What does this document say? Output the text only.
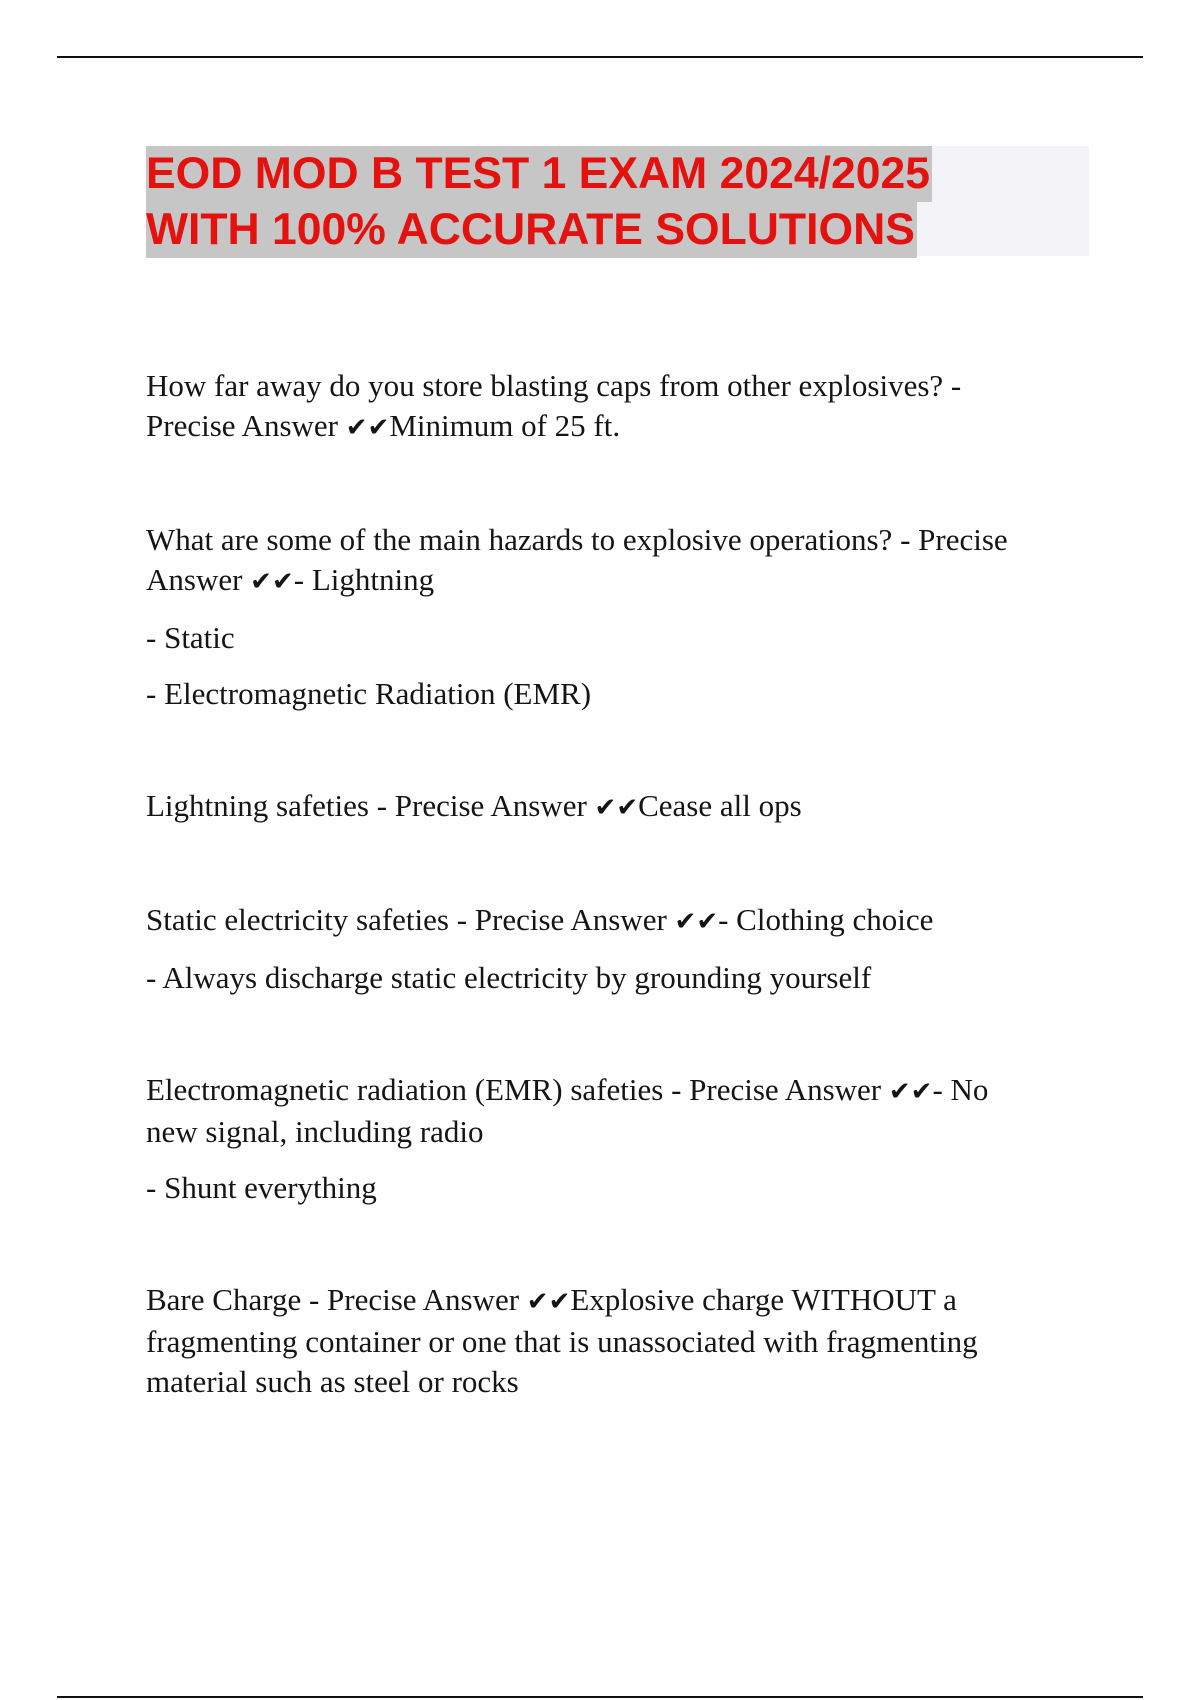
EOD MOD B TEST 1 EXAM 2024/2025
WITH 100% ACCURATE SOLUTIONS

How far away do you store blasting caps from other explosives? -

Precise Answer ✔✔Minimum of 25 ft.

What are some of the main hazards to explosive operations? - Precise

Answer ✔✔- Lightning

- Static

- Electromagnetic Radiation (EMR)

Lightning safeties - Precise Answer ✔✔Cease all ops

Static electricity safeties - Precise Answer ✔✔- Clothing choice

- Always discharge static electricity by grounding yourself

Electromagnetic radiation (EMR) safeties - Precise Answer ✔✔- No

new signal, including radio

- Shunt everything

Bare Charge - Precise Answer ✔✔Explosive charge WITHOUT a

fragmenting container or one that is unassociated with fragmenting

material such as steel or rocks
